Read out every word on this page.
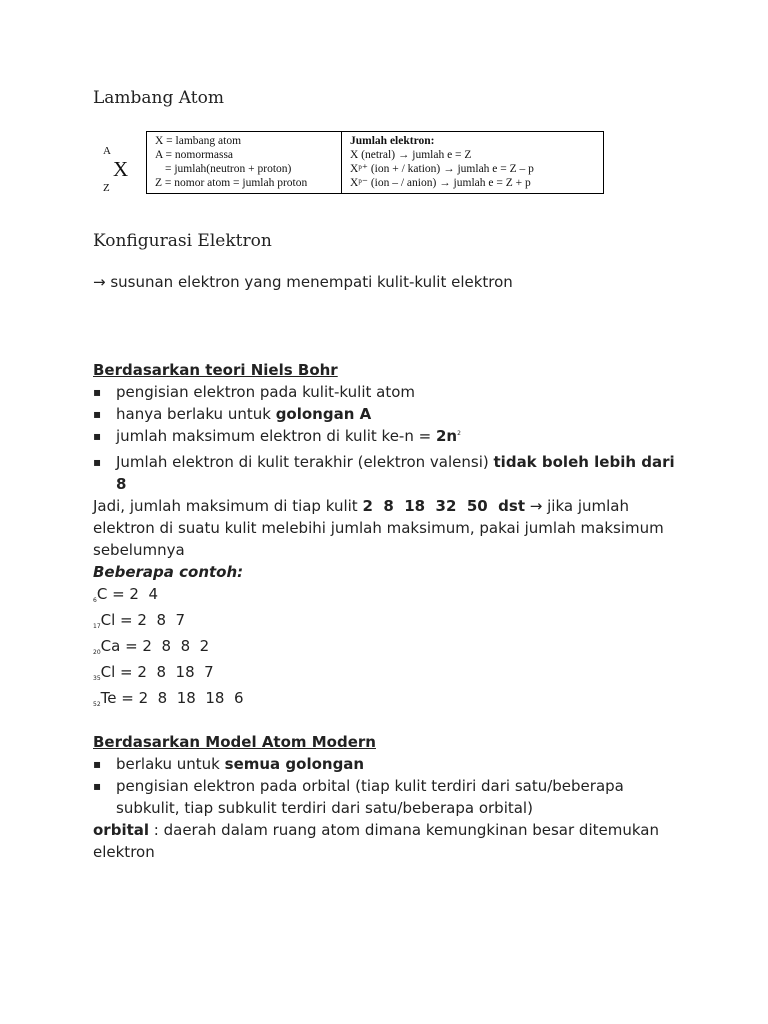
Lambang Atom
A
X
Z
X = lambang atom
A = nomormassa
= jumlah(neutron + proton)
Z = nomor atom = jumlah proton
Jumlah elektron:
X (netral) → jumlah e = Z
Xᵖ⁺ (ion + / kation) → jumlah e = Z – p
Xᵖ⁻ (ion – / anion) → jumlah e = Z + p
Konfigurasi Elektron
→ susunan elektron yang menempati kulit-kulit elektron
Berdasarkan teori Niels Bohr
▪ pengisian elektron pada kulit-kulit atom
▪ hanya berlaku untuk golongan A
▪ jumlah maksimum elektron di kulit $ke-n = 2n^2$
▪ Jumlah elektron di kulit terakhir (elektron valensi) tidak boleh lebih dari 8
Jadi, jumlah maksimum di tiap kulit 2  8  18  32  50  dst → jika jumlah elektron di suatu kulit melebihi jumlah maksimum, pakai jumlah maksimum sebelumnya
Beberapa contoh:
$_6$C = 2  4
$_{17}$Cl = 2  8  7
$_{20}$Ca = 2  8  8  2
$_{35}$Cl = 2  8  18  7
$_{52}$Te = 2  8  18  18  6
Berdasarkan Model Atom Modern
▪ berlaku untuk semua golongan
▪ pengisian elektron pada orbital (tiap kulit terdiri dari satu/beberapa subkulit, tiap subkulit terdiri dari satu/beberapa orbital)
orbital : daerah dalam ruang atom dimana kemungkinan besar ditemukan elektron
